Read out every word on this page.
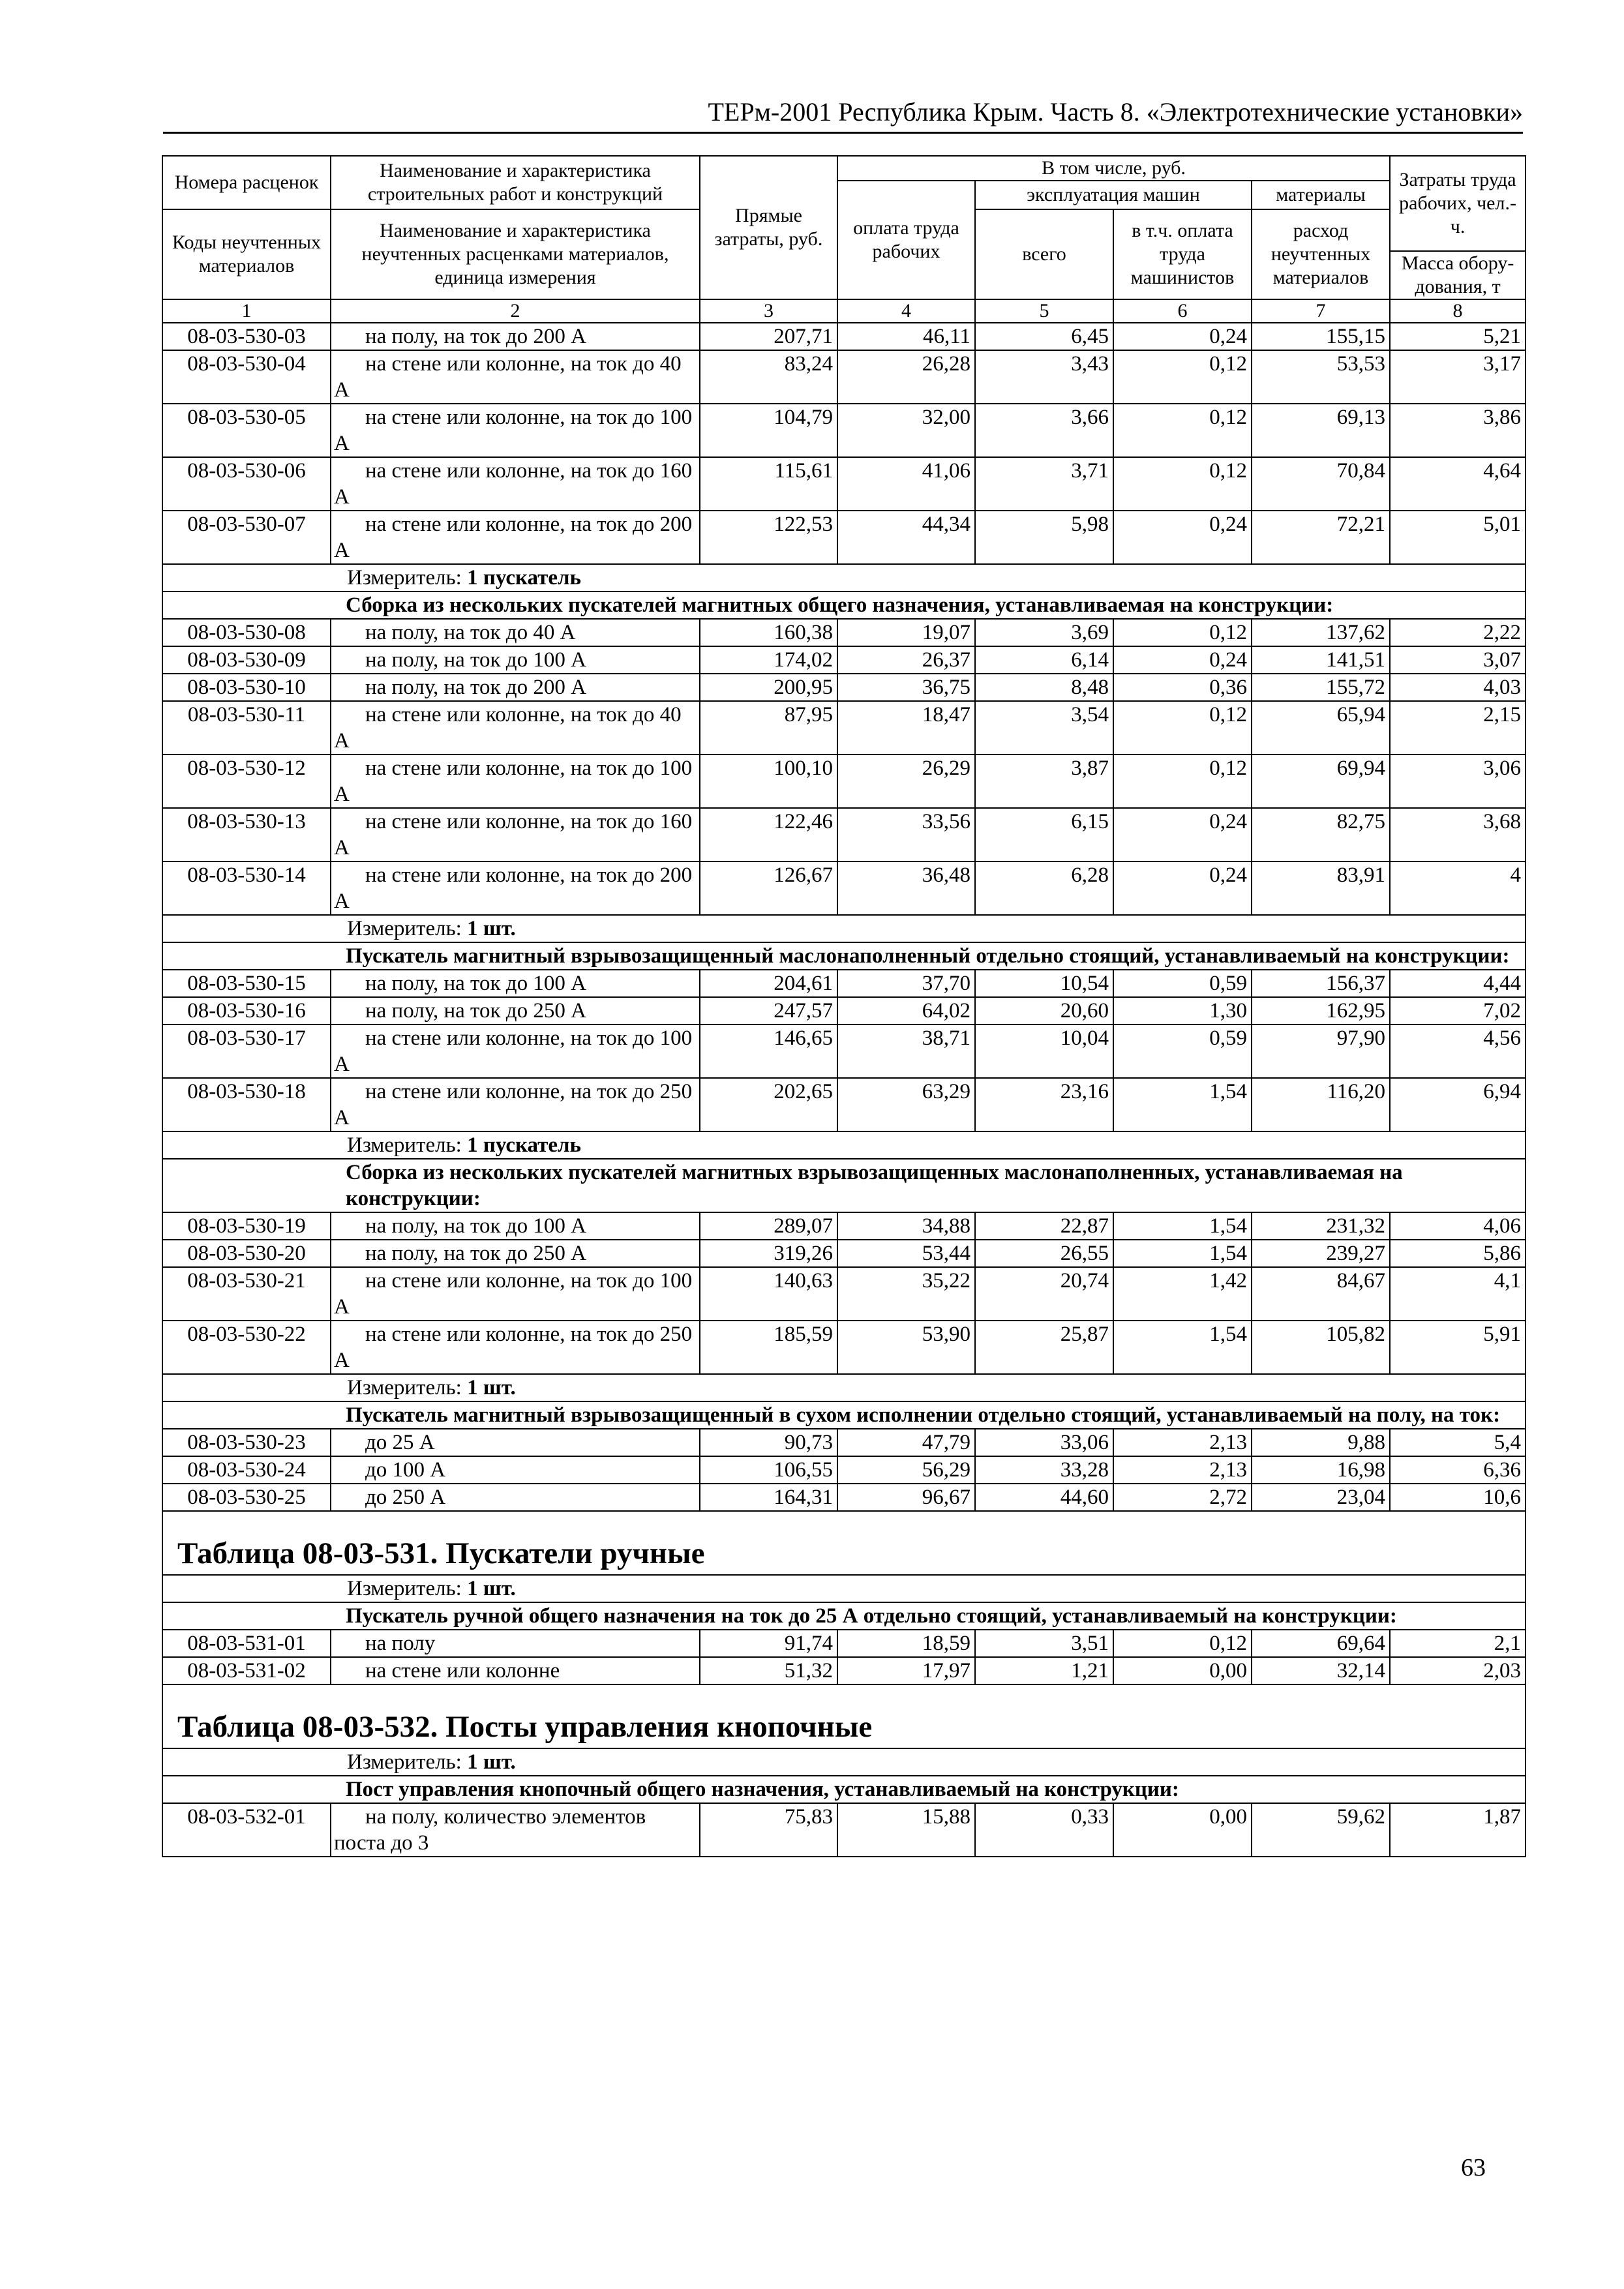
ТЕРм-2001 Республика Крым. Часть 8. «Электротехнические установки»
Номера расценок	Наименование и характеристика строительных работ и конструкций	Прямые затраты, руб.	В том числе, руб.				Затраты труда рабочих, чел.-ч.
			оплата труда рабочих	эксплуатация машин		материалы	
Коды неучтенных материалов	Наименование и характеристика неучтенных расценками материалов, единица измерения			всего	в т.ч. оплата труда машинистов	расход неучтенных материалов	
							Масса обору-дования, т
1	2	3	4	5	6	7	8
08-03-530-03	на полу, на ток до 200 А	207,71	46,11	6,45	0,24	155,15	5,21
08-03-530-04	на стене или колонне, на ток до 40 А	83,24	26,28	3,43	0,12	53,53	3,17
08-03-530-05	на стене или колонне, на ток до 100 А	104,79	32,00	3,66	0,12	69,13	3,86
08-03-530-06	на стене или колонне, на ток до 160 А	115,61	41,06	3,71	0,12	70,84	4,64
08-03-530-07	на стене или колонне, на ток до 200 А	122,53	44,34	5,98	0,24	72,21	5,01
Измеритель: 1 пускатель							
Сборка из нескольких пускателей магнитных общего назначения, устанавливаемая на конструкции:							
08-03-530-08	на полу, на ток до 40 А	160,38	19,07	3,69	0,12	137,62	2,22
08-03-530-09	на полу, на ток до 100 А	174,02	26,37	6,14	0,24	141,51	3,07
08-03-530-10	на полу, на ток до 200 А	200,95	36,75	8,48	0,36	155,72	4,03
08-03-530-11	на стене или колонне, на ток до 40 А	87,95	18,47	3,54	0,12	65,94	2,15
08-03-530-12	на стене или колонне, на ток до 100 А	100,10	26,29	3,87	0,12	69,94	3,06
08-03-530-13	на стене или колонне, на ток до 160 А	122,46	33,56	6,15	0,24	82,75	3,68
08-03-530-14	на стене или колонне, на ток до 200 А	126,67	36,48	6,28	0,24	83,91	4
Измеритель: 1 шт.							
Пускатель магнитный взрывозащищенный маслонаполненный отдельно стоящий, устанавливаемый на конструкции:							
08-03-530-15	на полу, на ток до 100 А	204,61	37,70	10,54	0,59	156,37	4,44
08-03-530-16	на полу, на ток до 250 А	247,57	64,02	20,60	1,30	162,95	7,02
08-03-530-17	на стене или колонне, на ток до 100 А	146,65	38,71	10,04	0,59	97,90	4,56
08-03-530-18	на стене или колонне, на ток до 250 А	202,65	63,29	23,16	1,54	116,20	6,94
Измеритель: 1 пускатель							
Сборка из нескольких пускателей магнитных взрывозащищенных маслонаполненных, устанавливаемая на конструкции:							
08-03-530-19	на полу, на ток до 100 А	289,07	34,88	22,87	1,54	231,32	4,06
08-03-530-20	на полу, на ток до 250 А	319,26	53,44	26,55	1,54	239,27	5,86
08-03-530-21	на стене или колонне, на ток до 100 А	140,63	35,22	20,74	1,42	84,67	4,1
08-03-530-22	на стене или колонне, на ток до 250 А	185,59	53,90	25,87	1,54	105,82	5,91
Измеритель: 1 шт.							
Пускатель магнитный взрывозащищенный в сухом исполнении отдельно стоящий, устанавливаемый на полу, на ток:							
08-03-530-23	до 25 А	90,73	47,79	33,06	2,13	9,88	5,4
08-03-530-24	до 100 А	106,55	56,29	33,28	2,13	16,98	6,36
08-03-530-25	до 250 А	164,31	96,67	44,60	2,72	23,04	10,6
Таблица 08-03-531. Пускатели ручные							
Измеритель: 1 шт.							
Пускатель ручной общего назначения на ток до 25 А отдельно стоящий, устанавливаемый на конструкции:							
08-03-531-01	на полу	91,74	18,59	3,51	0,12	69,64	2,1
08-03-531-02	на стене или колонне	51,32	17,97	1,21	0,00	32,14	2,03
Таблица 08-03-532. Посты управления кнопочные							
Измеритель: 1 шт.							
Пост управления кнопочный общего назначения, устанавливаемый на конструкции:							
08-03-532-01	на полу, количество элементов поста до 3	75,83	15,88	0,33	0,00	59,62	1,87
63
